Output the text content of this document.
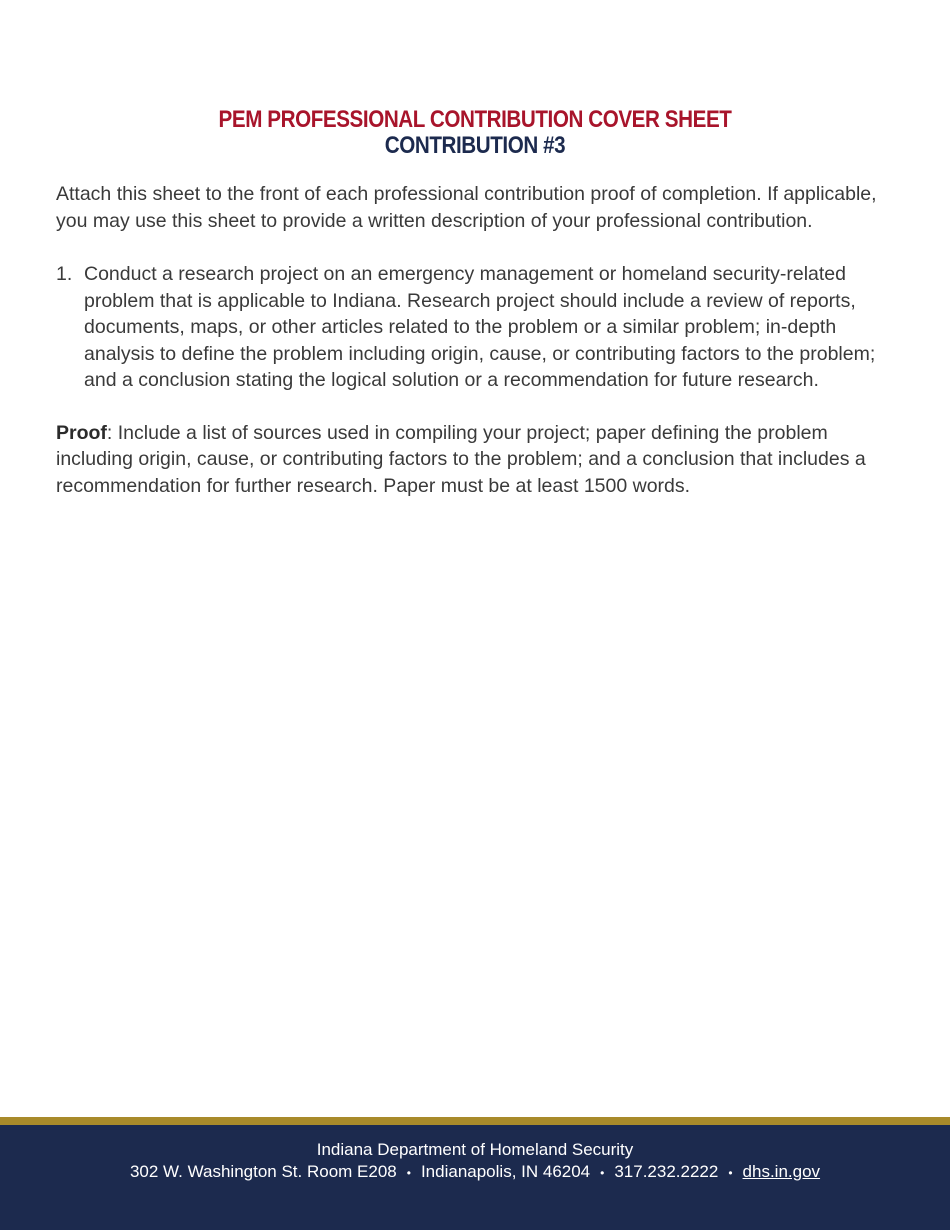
PEM PROFESSIONAL CONTRIBUTION COVER SHEET
CONTRIBUTION #3

Attach this sheet to the front of each professional contribution proof of completion. If applicable, you may use this sheet to provide a written description of your professional contribution.

1. Conduct a research project on an emergency management or homeland security-related problem that is applicable to Indiana. Research project should include a review of reports, documents, maps, or other articles related to the problem or a similar problem; in-depth analysis to define the problem including origin, cause, or contributing factors to the problem; and a conclusion stating the logical solution or a recommendation for future research.

Proof: Include a list of sources used in compiling your project; paper defining the problem including origin, cause, or contributing factors to the problem; and a conclusion that includes a recommendation for further research. Paper must be at least 1500 words.

Indiana Department of Homeland Security
302 W. Washington St. Room E208 • Indianapolis, IN 46204 • 317.232.2222 • dhs.in.gov
